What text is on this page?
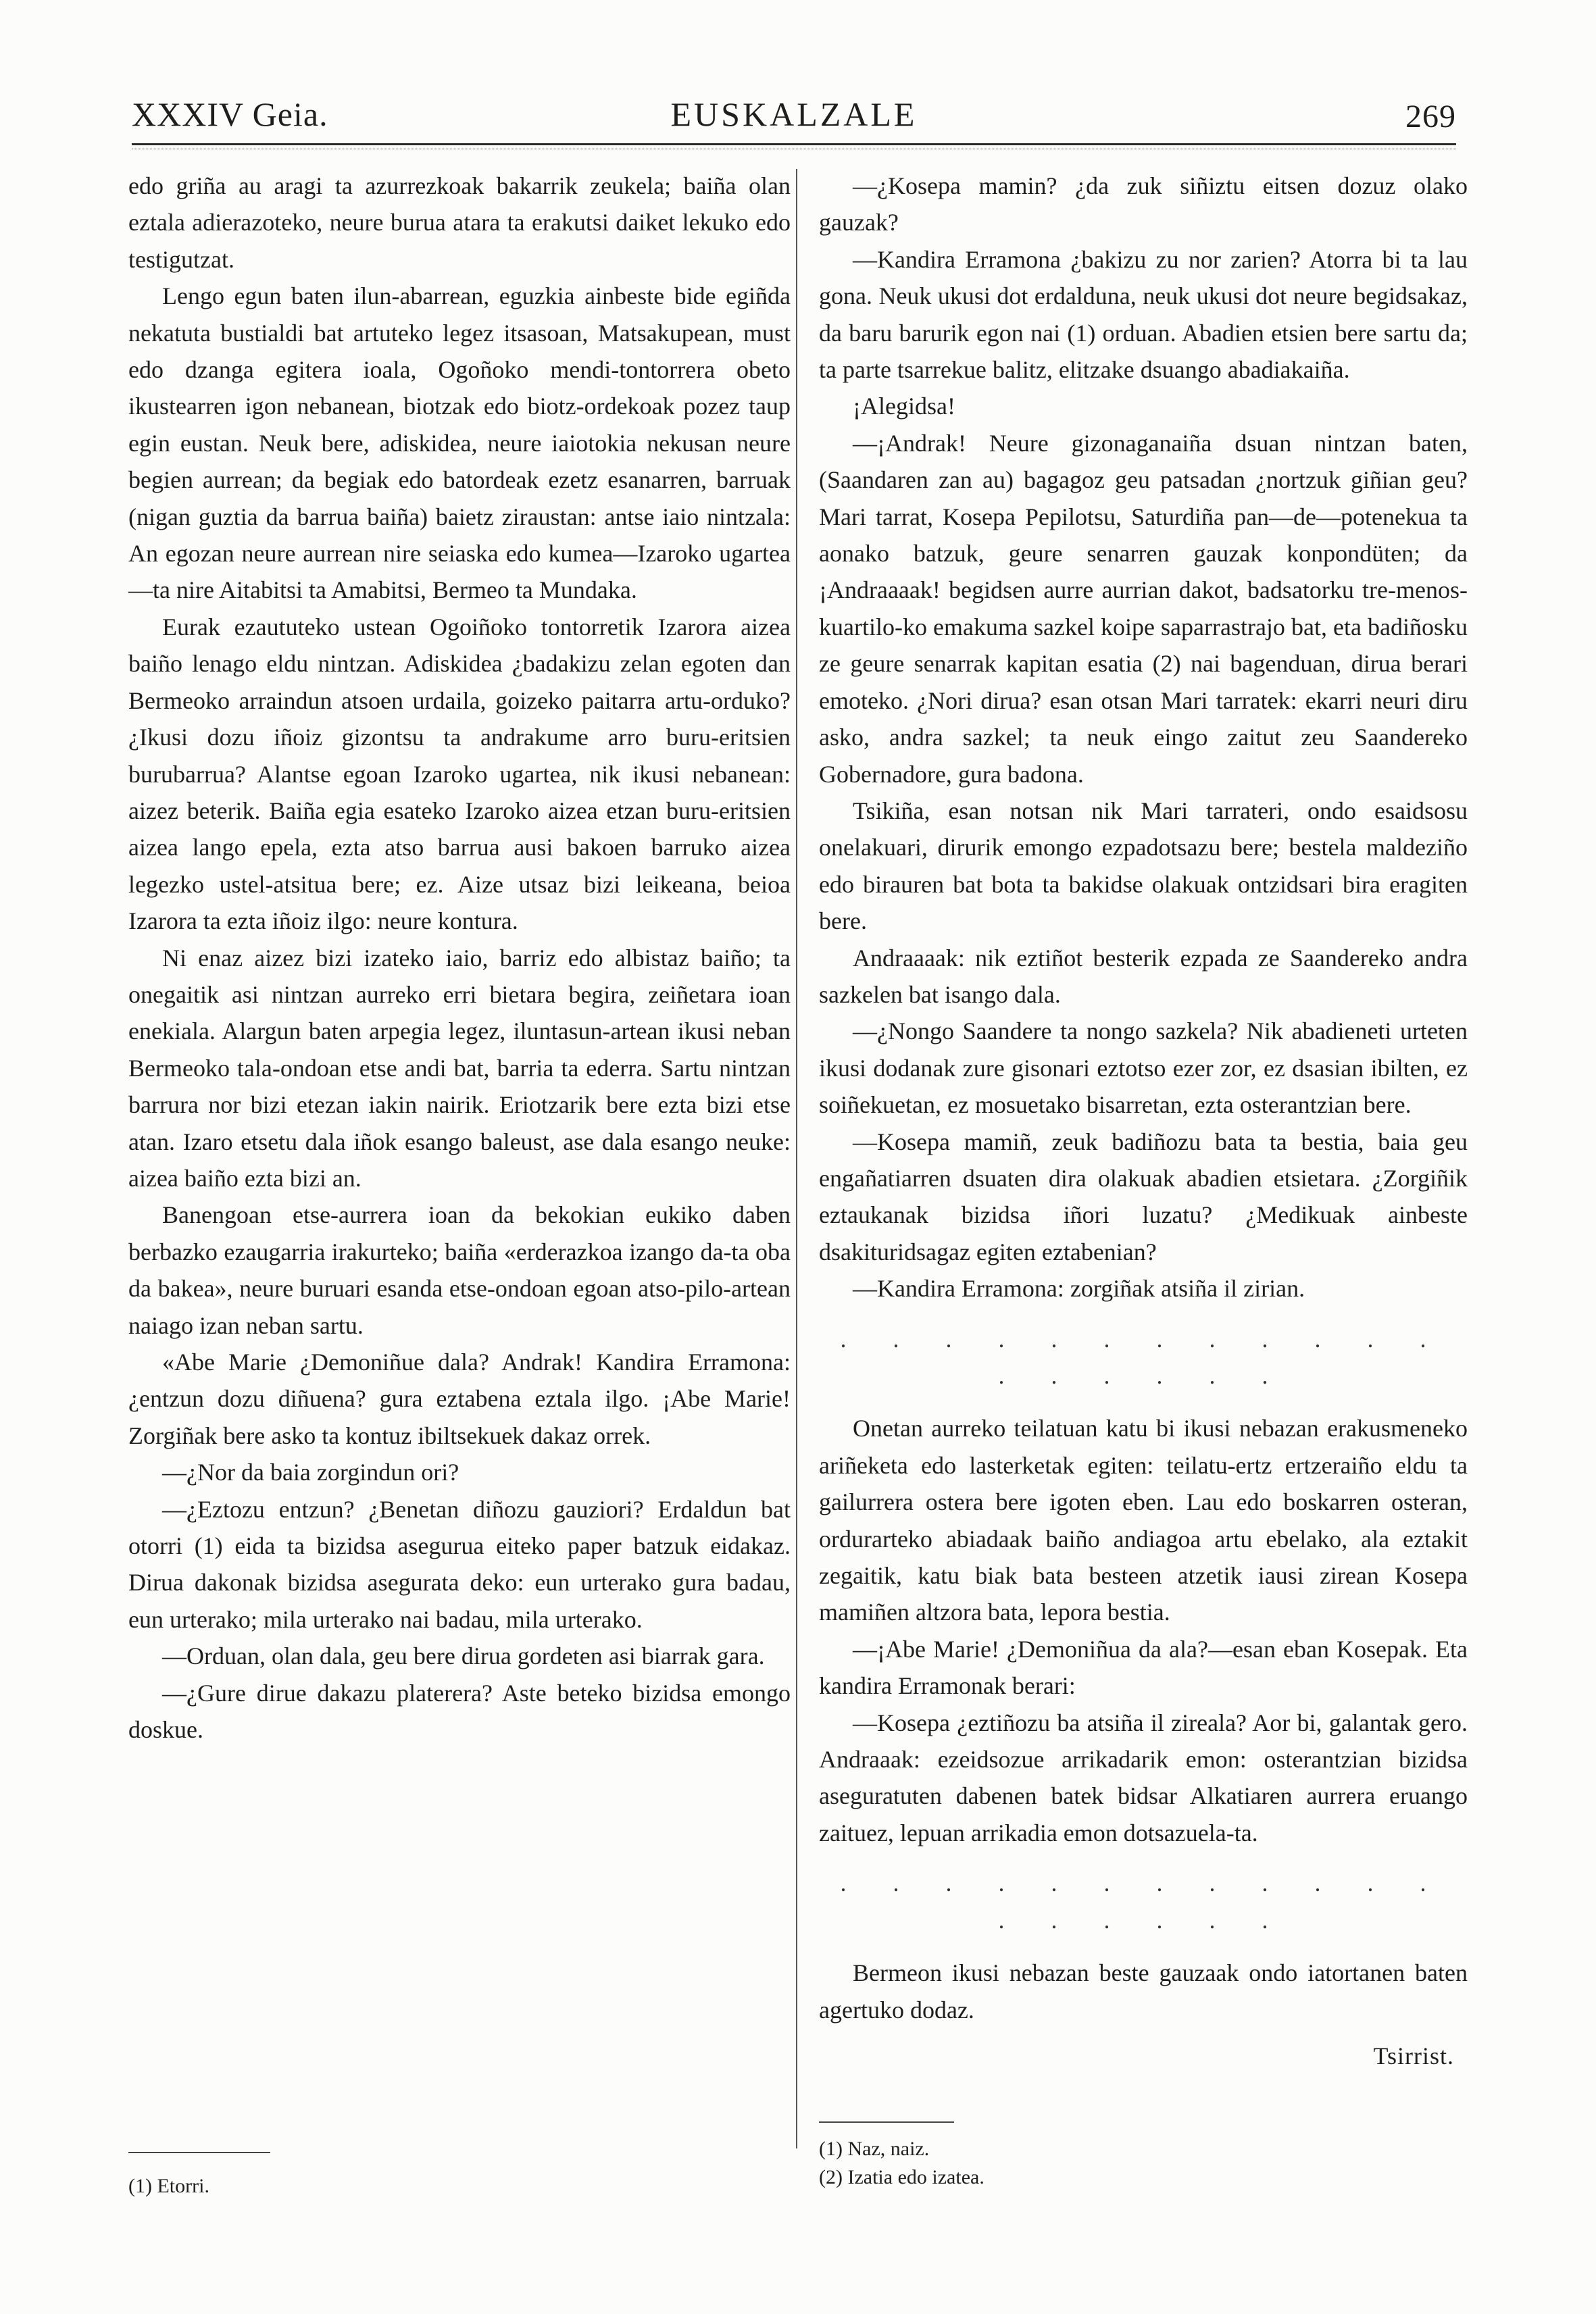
XXXIV Geia.	EUSKALZALE	269

edo griña au aragi ta azurrezkoak bakarrik zeukela; baiña olan eztala adierazoteko, neure burua atara ta erakutsi daiket lekuko edo testigutzat.

Lengo egun baten ilun-abarrean, eguzkia ainbeste bide egiñda nekatuta bustialdi bat artuteko legez itsasoan, Matsakupean, must edo dzanga egitera ioala, Ogoñoko mendi-tontorrera obeto ikustearren igon nebanean, biotzak edo biotz-ordekoak pozez taup egin eustan. Neuk bere, adiskidea, neure iaiotokia nekusan neure begien aurrean; da begiak edo batordeak ezetz esanarren, barruak (nigan guztia da barrua baiña) baietz ziraustan: antse iaio nintzala: An egozan neure aurrean nire seiaska edo kumea—Izaroko ugartea—ta nire Aitabitsi ta Amabitsi, Bermeo ta Mundaka.

Eurak ezaututeko ustean Ogoiñoko tontorretik Izarora aizea baiño lenago eldu nintzan. Adiskidea ¿badakizu zelan egoten dan Bermeoko arraindun atsoen urdaila, goizeko paitarra artu-orduko? ¿Ikusi dozu iñoiz gizontsu ta andrakume arro buru-eritsien burubarrua? Alantse egoan Izaroko ugartea, nik ikusi nebanean: aizez beterik. Baiña egia esateko Izaroko aizea etzan buru-eritsien aizea lango epela, ezta atso barrua ausi bakoen barruko aizea legezko ustel-atsitua bere; ez. Aize utsaz bizi leikeana, beioa Izarora ta ezta iñoiz ilgo: neure kontura.

Ni enaz aizez bizi izateko iaio, barriz edo albistaz baiño; ta onegaitik asi nintzan aurreko erri bietara begira, zeiñetara ioan enekiala. Alargun baten arpegia legez, iluntasun-artean ikusi neban Bermeoko tala-ondoan etse andi bat, barria ta ederra. Sartu nintzan barrura nor bizi etezan iakin nairik. Eriotzarik bere ezta bizi etse atan. Izaro etsetu dala iñok esango baleust, ase dala esango neuke: aizea baiño ezta bizi an.

Banengoan etse-aurrera ioan da bekokian eukiko daben berbazko ezaugarria irakurteko; baiña «erderazkoa izango da-ta oba da bakea», neure buruari esanda etse-ondoan egoan atso-pilo-artean naiago izan neban sartu.

«Abe Marie ¿Demoniñue dala? Andrak! Kandira Erramona: ¿entzun dozu diñuena? gura eztabena eztala ilgo. ¡Abe Marie! Zorgiñak bere asko ta kontuz ibiltsekuek dakaz orrek.

—¿Nor da baia zorgindun ori?

—¿Eztozu entzun? ¿Benetan diñozu gauziori? Erdaldun bat otorri (1) eida ta bizidsa asegurua eiteko paper batzuk eidakaz. Dirua dakonak bizidsa asegurata deko: eun urterako gura badau, eun urterako; mila urterako nai badau, mila urterako.

—Orduan, olan dala, geu bere dirua gordeten asi biarrak gara.

—¿Gure dirue dakazu platerera? Aste beteko bizidsa emongo doskue.

—¿Kosepa mamin? ¿da zuk siñiztu eitsen dozuz olako gauzak?

—Kandira Erramona ¿bakizu zu nor zarien? Atorra bi ta lau gona. Neuk ukusi dot erdalduna, neuk ukusi dot neure begidsakaz, da baru barurik egon nai (1) orduan. Abadien etsien bere sartu da; ta parte tsarrekue balitz, elitzake dsuango abadiakaiña.

¡Alegidsa!

—¡Andrak! Neure gizonaganaiña dsuan nintzan baten, (Saandaren zan au) bagagoz geu patsadan ¿nortzuk giñian geu? Mari tarrat, Kosepa Pepilotsu, Saturdiña pan—de—potenekua ta aonako batzuk, geure senarren gauzak konpondüten; da ¡Andraaaak! begidsen aurre aurrian dakot, badsatorku tre-menos-kuartilo-ko emakuma sazkel koipe saparrastrajo bat, eta badiñosku ze geure senarrak kapitan esatia (2) nai bagenduan, dirua berari emoteko. ¿Nori dirua? esan otsan Mari tarratek: ekarri neuri diru asko, andra sazkel; ta neuk eingo zaitut zeu Saandereko Gobernadore, gura badona.

Tsikiña, esan notsan nik Mari tarrateri, ondo esaidsosu onelakuari, dirurik emongo ezpadotsazu bere; bestela maldeziño edo birauren bat bota ta bakidse olakuak ontzidsari bira eragiten bere.

Andraaaak: nik eztiñot besterik ezpada ze Saandereko andra sazkelen bat isango dala.

—¿Nongo Saandere ta nongo sazkela? Nik abadieneti urteten ikusi dodanak zure gisonari eztotso ezer zor, ez dsasian ibilten, ez soiñekuetan, ez mosuetako bisarretan, ezta osterantzian bere.

—Kosepa mamiñ, zeuk badiñozu bata ta bestia, baia geu engañatiarren dsuaten dira olakuak abadien etsietara. ¿Zorgiñik eztaukanak bizidsa iñori luzatu? ¿Medikuak ainbeste dsakituridsagaz egiten eztabenian?

—Kandira Erramona: zorgiñak atsiña il zirian.

. . . . . . . . . . . . . . . . . .

Onetan aurreko teilatuan katu bi ikusi nebazan erakusmeneko ariñeketa edo lasterketak egiten: teilatu-ertz ertzeraiño eldu ta gailurrera ostera bere igoten eben. Lau edo boskarren osteran, ordurarteko abiadaak baiño andiagoa artu ebelako, ala eztakit zegaitik, katu biak bata besteen atzetik iausi zirean Kosepa mamiñen altzora bata, lepora bestia.

—¡Abe Marie! ¿Demoniñua da ala?—esan eban Kosepak. Eta kandira Erramonak berari:

—Kosepa ¿eztiñozu ba atsiña il zireala? Aor bi, galantak gero. Andraaak: ezeidsozue arrikadarik emon: osterantzian bizidsa aseguratuten dabenen batek bidsar Alkatiaren aurrera eruango zaituez, lepuan arrikadia emon dotsazuela-ta.

. . . . . . . . . . . . . . . . . .

Bermeon ikusi nebazan beste gauzaak ondo iatortanen baten agertuko dodaz.

Tsirrist.
(1) Etorri.
(1) Naz, naiz.
(2) Izatia edo izatea.
